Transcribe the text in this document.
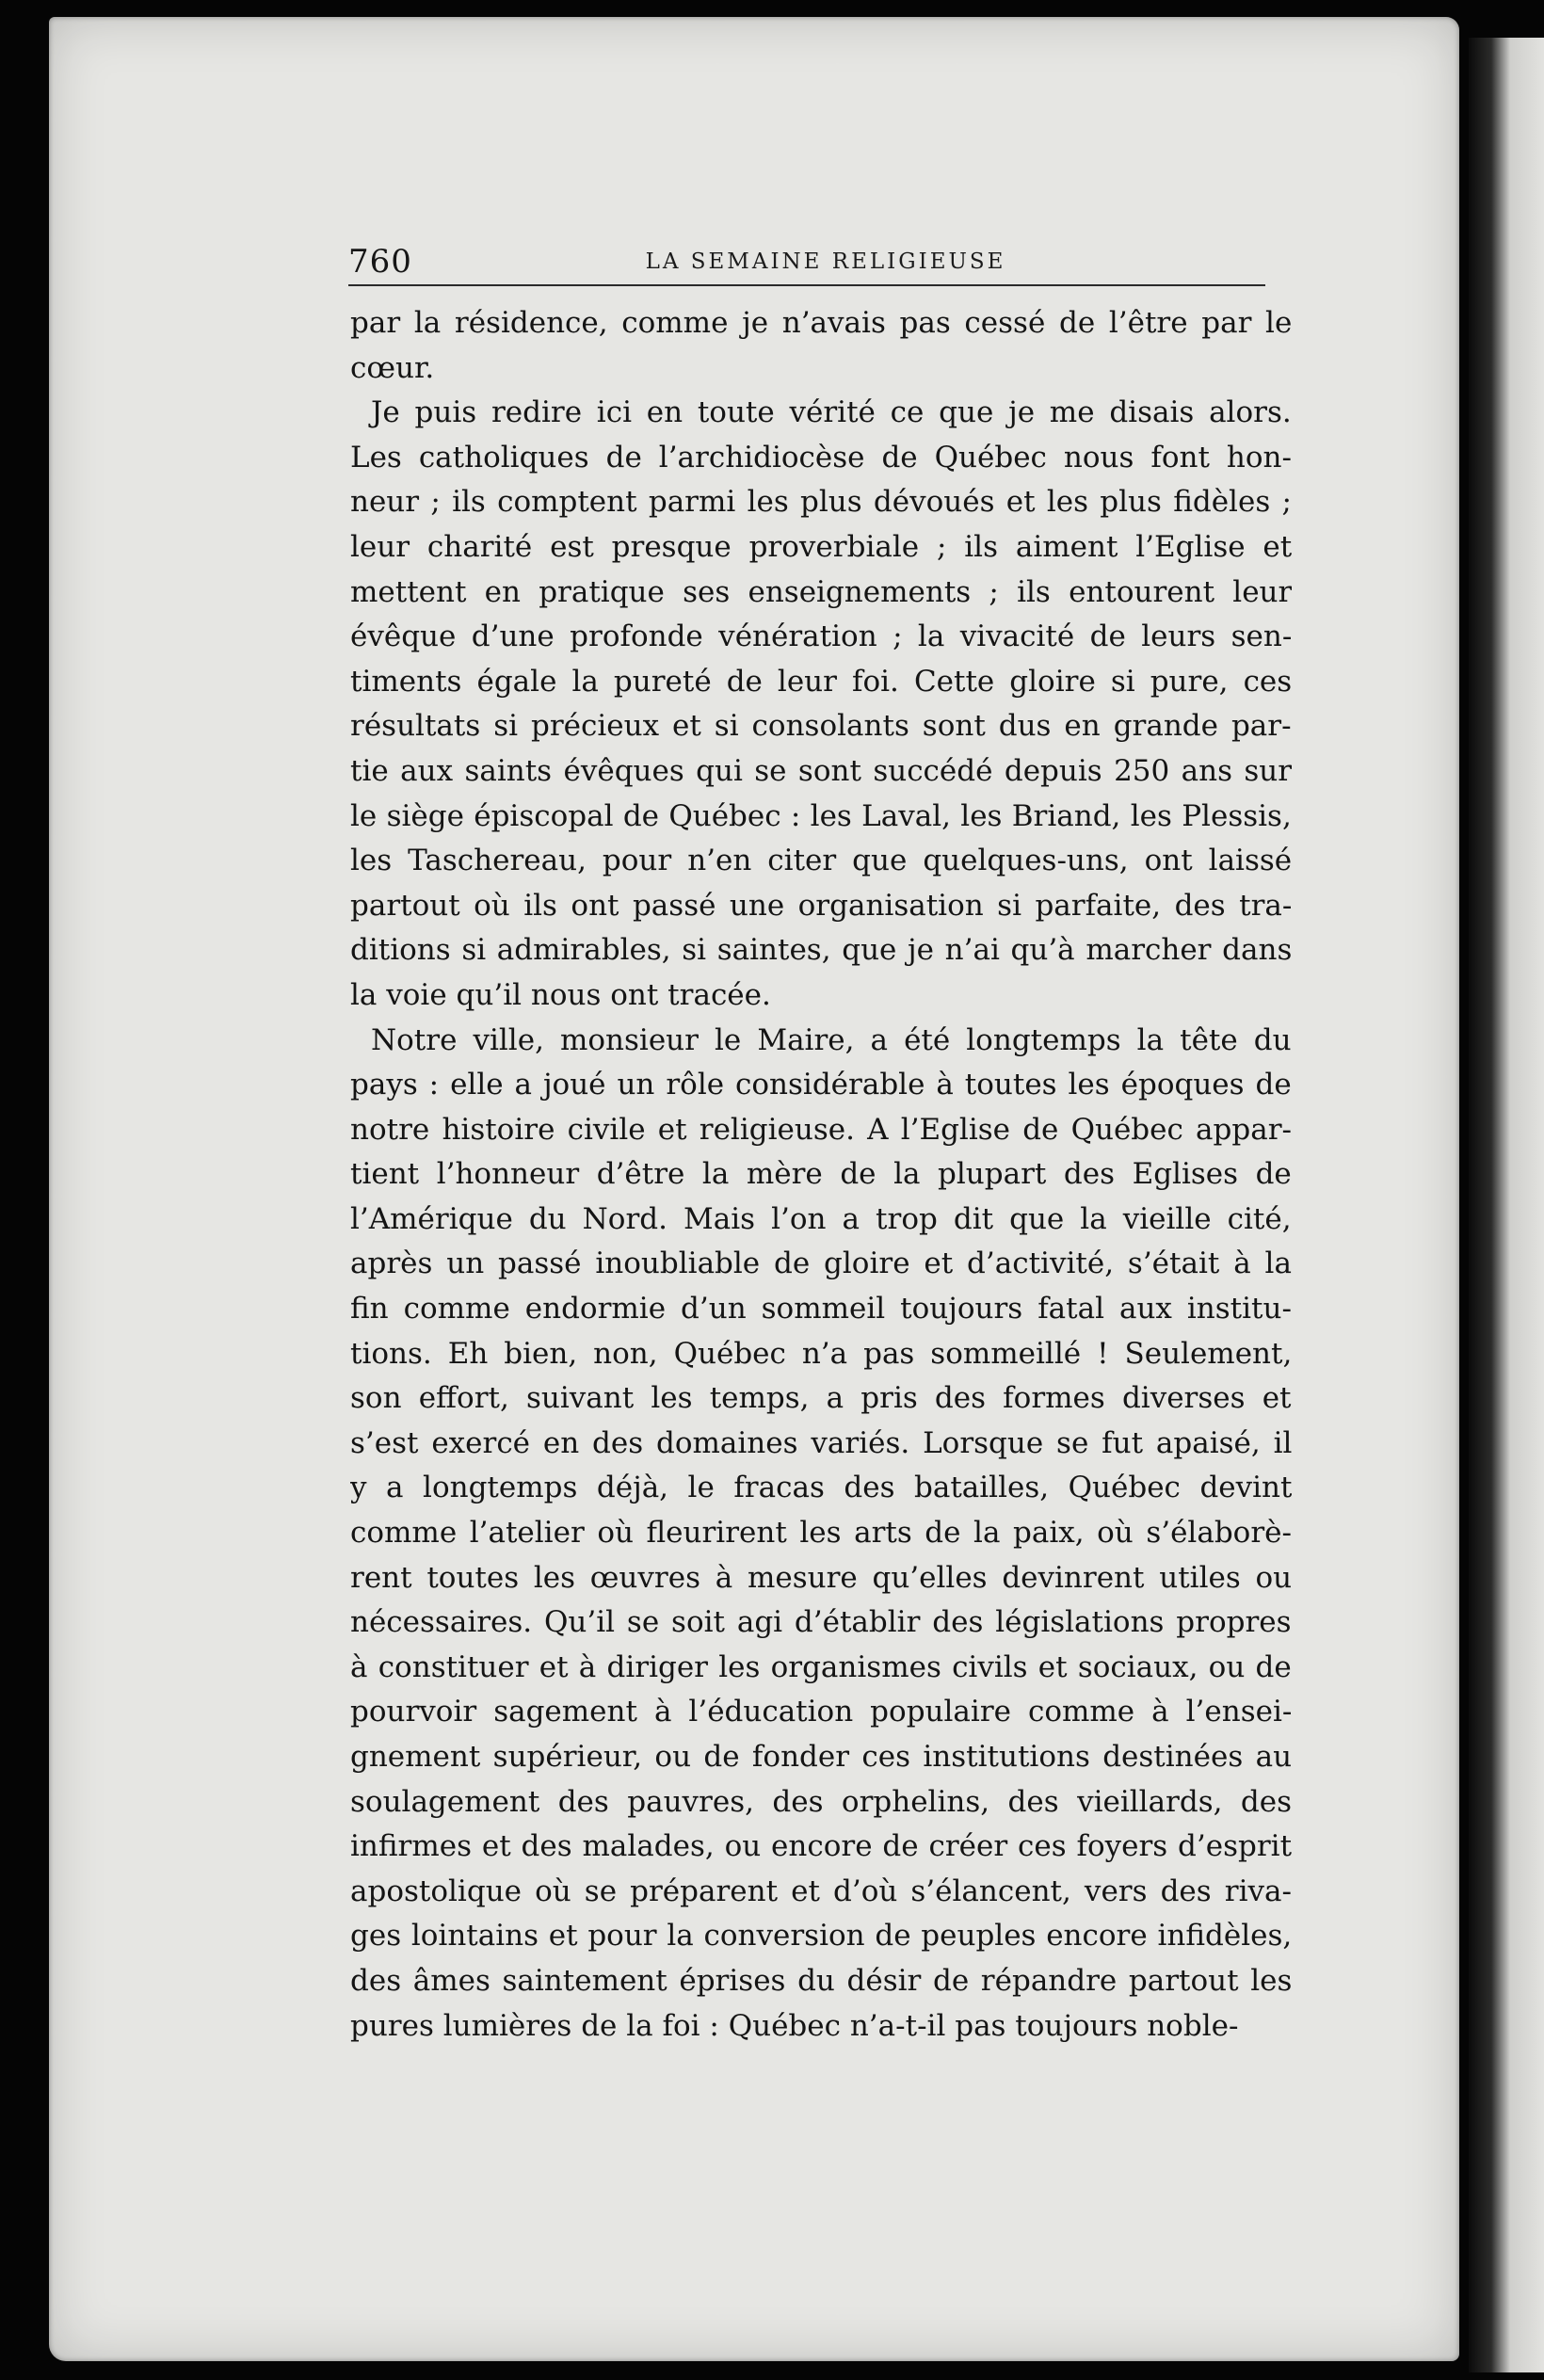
760	LA SEMAINE RELIGIEUSE
par la résidence, comme je n’avais pas cessé de l’être par le
cœur.
Je puis redire ici en toute vérité ce que je me disais alors.
Les catholiques de l’archidiocèse de Québec nous font hon-
neur ; ils comptent parmi les plus dévoués et les plus fidèles ;
leur charité est presque proverbiale ; ils aiment l’Eglise et
mettent en pratique ses enseignements ; ils entourent leur
évêque d’une profonde vénération ; la vivacité de leurs sen-
timents égale la pureté de leur foi. Cette gloire si pure, ces
résultats si précieux et si consolants sont dus en grande par-
tie aux saints évêques qui se sont succédé depuis 250 ans sur
le siège épiscopal de Québec : les Laval, les Briand, les Plessis,
les Taschereau, pour n’en citer que quelques-uns, ont laissé
partout où ils ont passé une organisation si parfaite, des tra-
ditions si admirables, si saintes, que je n’ai qu’à marcher dans
la voie qu’il nous ont tracée.
Notre ville, monsieur le Maire, a été longtemps la tête du
pays : elle a joué un rôle considérable à toutes les époques de
notre histoire civile et religieuse. A l’Eglise de Québec appar-
tient l’honneur d’être la mère de la plupart des Eglises de
l’Amérique du Nord. Mais l’on a trop dit que la vieille cité,
après un passé inoubliable de gloire et d’activité, s’était à la
fin comme endormie d’un sommeil toujours fatal aux institu-
tions. Eh bien, non, Québec n’a pas sommeillé ! Seulement,
son effort, suivant les temps, a pris des formes diverses et
s’est exercé en des domaines variés. Lorsque se fut apaisé, il
y a longtemps déjà, le fracas des batailles, Québec devint
comme l’atelier où fleurirent les arts de la paix, où s’élaborè-
rent toutes les œuvres à mesure qu’elles devinrent utiles ou
nécessaires. Qu’il se soit agi d’établir des législations propres
à constituer et à diriger les organismes civils et sociaux, ou de
pourvoir sagement à l’éducation populaire comme à l’ensei-
gnement supérieur, ou de fonder ces institutions destinées au
soulagement des pauvres, des orphelins, des vieillards, des
infirmes et des malades, ou encore de créer ces foyers d’esprit
apostolique où se préparent et d’où s’élancent, vers des riva-
ges lointains et pour la conversion de peuples encore infidèles,
des âmes saintement éprises du désir de répandre partout les
pures lumières de la foi : Québec n’a-t-il pas toujours noble-
